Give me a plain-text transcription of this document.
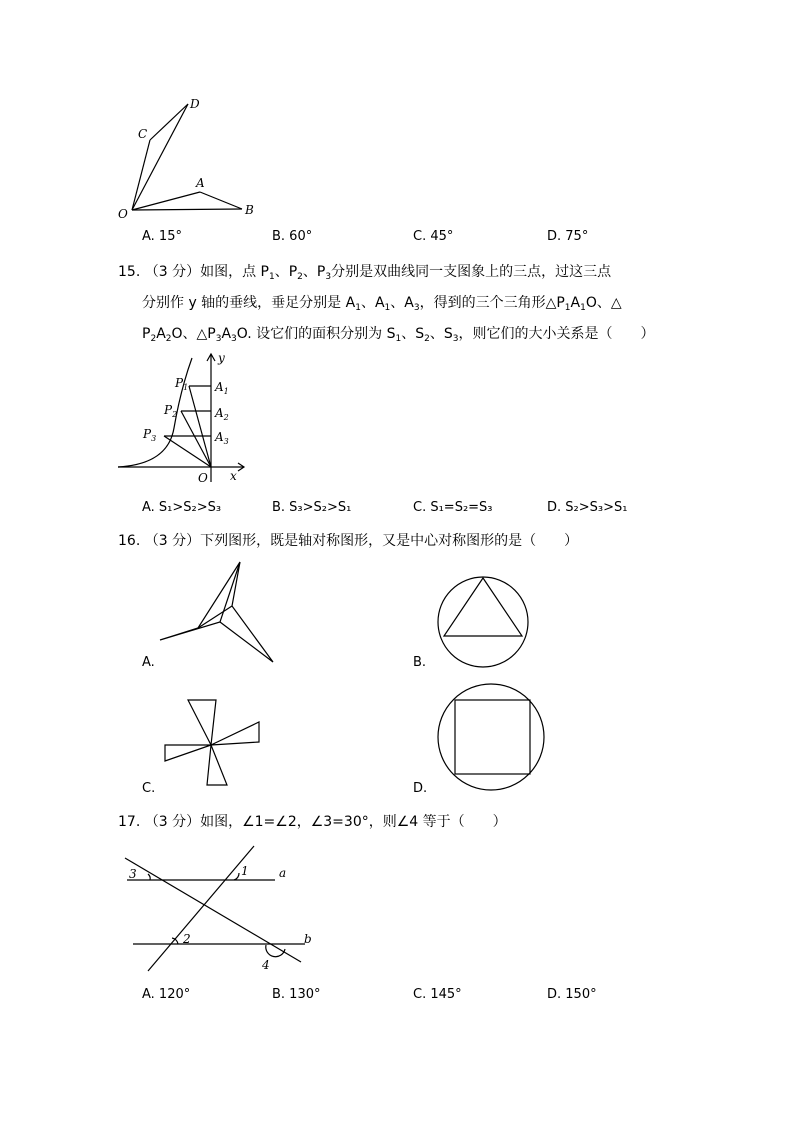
D
C
A
O	B
A. 15°	B. 60°	C. 45°	D. 75°
15. （3 分）如图，点 $P_1$、$P_2$、$P_3$分别是双曲线同一支图象上的三点，过这三点
分别作 y 轴的垂线，垂足分别是 $A_1$、$A_1$、$A_3$，得到的三个三角形$\triangle P_1A_1O$、△
$P_2A_2O$、$\triangle P_3A_3O$. 设它们的面积分别为 $S_1$、$S_2$、$S_3$，则它们的大小关系是（　　）
y
x
O
$P_1$ $A_1$
$P_2$	$A_2$
$P_3$	$A_3$
A. S₁>S₂>S₃	B. S₃>S₂>S₁	C. S₁=S₂=S₃	D. S₂>S₃>S₁
16. （3 分）下列图形，既是轴对称图形，又是中心对称图形的是（　　）
A.	B.
C.	D.
17. （3 分）如图，∠1=∠2，∠3=30°，则∠4 等于（　　）
a
b
1
2
3
4
A. 120°	B. 130°	C. 145°	D. 150°
